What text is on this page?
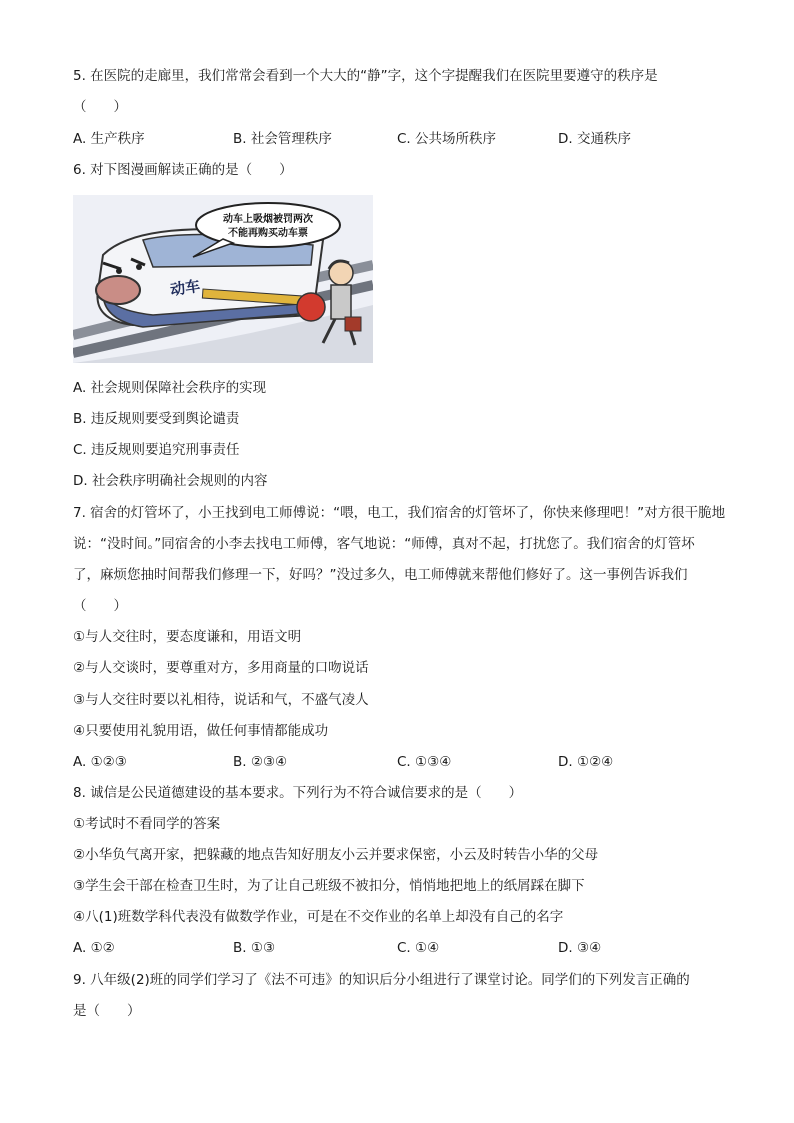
5. 在医院的走廊里，我们常常会看到一个大大的“静”字，这个字提醒我们在医院里要遵守的秩序是
（　　）
A. 生产秩序	B. 社会管理秩序	C. 公共场所秩序	D. 交通秩序
6. 对下图漫画解读正确的是（　　）
动车上吸烟被罚两次
不能再购买动车票
动车
A. 社会规则保障社会秩序的实现
B. 违反规则要受到舆论谴责
C. 违反规则要追究刑事责任
D. 社会秩序明确社会规则的内容
7. 宿舍的灯管坏了，小王找到电工师傅说：“喂，电工，我们宿舍的灯管坏了，你快来修理吧！”对方很干脆地
说：“没时间。”同宿舍的小李去找电工师傅，客气地说：“师傅，真对不起，打扰您了。我们宿舍的灯管坏
了，麻烦您抽时间帮我们修理一下，好吗？”没过多久，电工师傅就来帮他们修好了。这一事例告诉我们
（　　）
①与人交往时，要态度谦和，用语文明
②与人交谈时，要尊重对方，多用商量的口吻说话
③与人交往时要以礼相待，说话和气，不盛气凌人
④只要使用礼貌用语，做任何事情都能成功
A. ①②③	B. ②③④	C. ①③④	D. ①②④
8. 诚信是公民道德建设的基本要求。下列行为不符合诚信要求的是（　　）
①考试时不看同学的答案
②小华负气离开家，把躲藏的地点告知好朋友小云并要求保密，小云及时转告小华的父母
③学生会干部在检查卫生时，为了让自己班级不被扣分，悄悄地把地上的纸屑踩在脚下
④八(1)班数学科代表没有做数学作业，可是在不交作业的名单上却没有自己的名字
A. ①②	B. ①③	C. ①④	D. ③④
9. 八年级(2)班的同学们学习了《法不可违》的知识后分小组进行了课堂讨论。同学们的下列发言正确的
是（　　）
